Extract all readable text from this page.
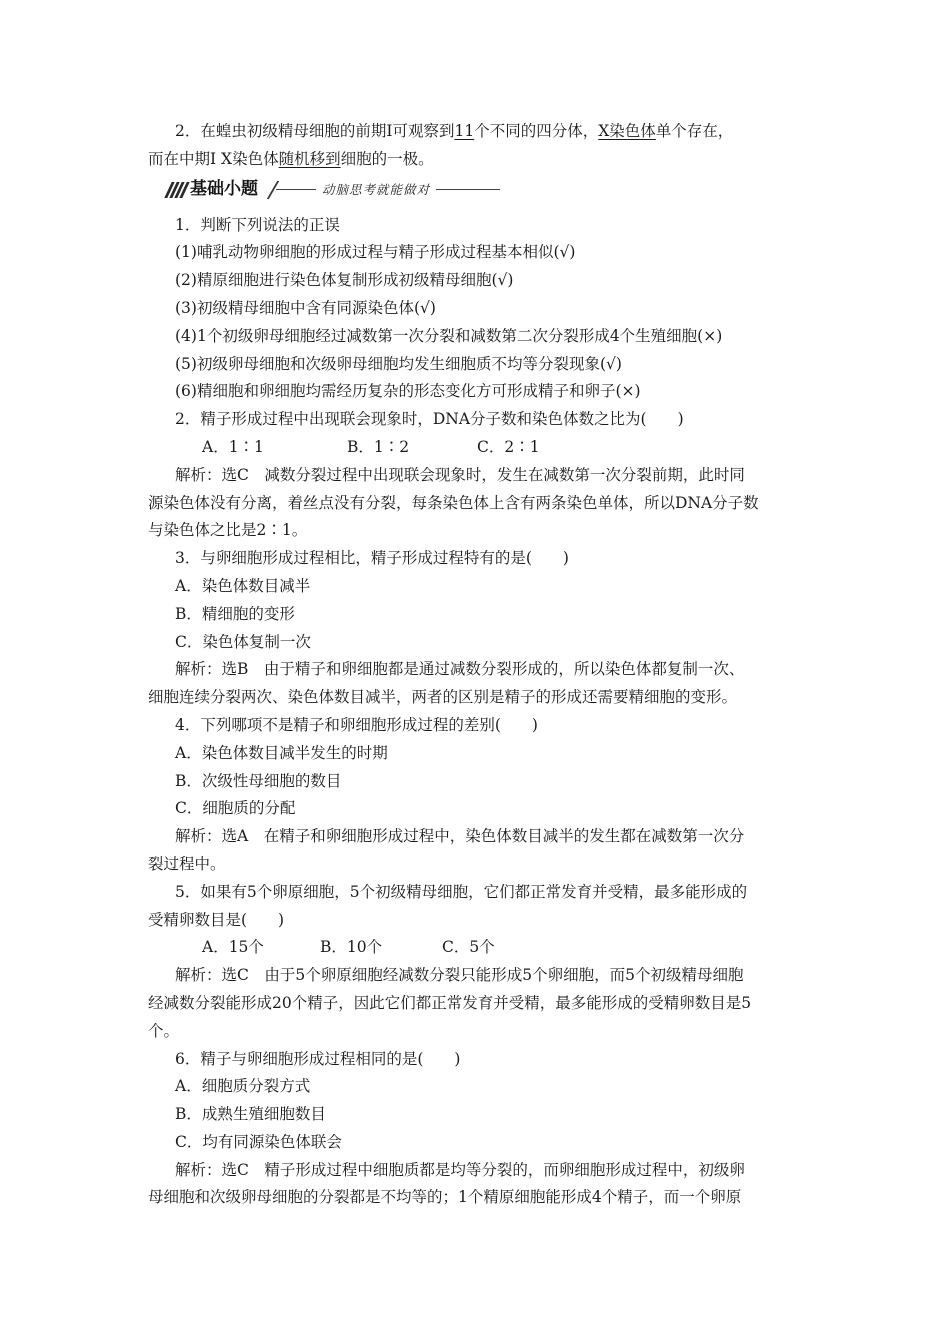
2．在蝗虫初级精母细胞的前期Ⅰ可观察到11个不同的四分体，X染色体单个存在，

而在中期Ⅰ X染色体随机移到细胞的一极。

基础小题	动脑思考就能做对

1．判断下列说法的正误

(1)哺乳动物卵细胞的形成过程与精子形成过程基本相似(√)

(2)精原细胞进行染色体复制形成初级精母细胞(√)

(3)初级精母细胞中含有同源染色体(√)

(4)1个初级卵母细胞经过减数第一次分裂和减数第二次分裂形成4个生殖细胞(×)

(5)初级卵母细胞和次级卵母细胞均发生细胞质不均等分裂现象(√)

(6)精细胞和卵细胞均需经历复杂的形态变化方可形成精子和卵子(×)

2．精子形成过程中出现联会现象时，DNA分子数和染色体数之比为(　　)

A．1∶1	B．1∶2	C．2∶1

解析：选C　减数分裂过程中出现联会现象时，发生在减数第一次分裂前期，此时同

源染色体没有分离，着丝点没有分裂，每条染色体上含有两条染色单体，所以DNA分子数

与染色体之比是2∶1。

3．与卵细胞形成过程相比，精子形成过程特有的是(　　)

A．染色体数目减半

B．精细胞的变形

C．染色体复制一次

解析：选B　由于精子和卵细胞都是通过减数分裂形成的，所以染色体都复制一次、

细胞连续分裂两次、染色体数目减半，两者的区别是精子的形成还需要精细胞的变形。

4．下列哪项不是精子和卵细胞形成过程的差别(　　)

A．染色体数目减半发生的时期

B．次级性母细胞的数目

C．细胞质的分配

解析：选A　在精子和卵细胞形成过程中，染色体数目减半的发生都在减数第一次分

裂过程中。

5．如果有5个卵原细胞，5个初级精母细胞，它们都正常发育并受精，最多能形成的

受精卵数目是(　　)

A．15个	B．10个	C．5个

解析：选C　由于5个卵原细胞经减数分裂只能形成5个卵细胞，而5个初级精母细胞

经减数分裂能形成20个精子，因此它们都正常发育并受精，最多能形成的受精卵数目是5

个。

6．精子与卵细胞形成过程相同的是(　　)

A．细胞质分裂方式

B．成熟生殖细胞数目

C．均有同源染色体联会

解析：选C　精子形成过程中细胞质都是均等分裂的，而卵细胞形成过程中，初级卵

母细胞和次级卵母细胞的分裂都是不均等的；1个精原细胞能形成4个精子，而一个卵原
